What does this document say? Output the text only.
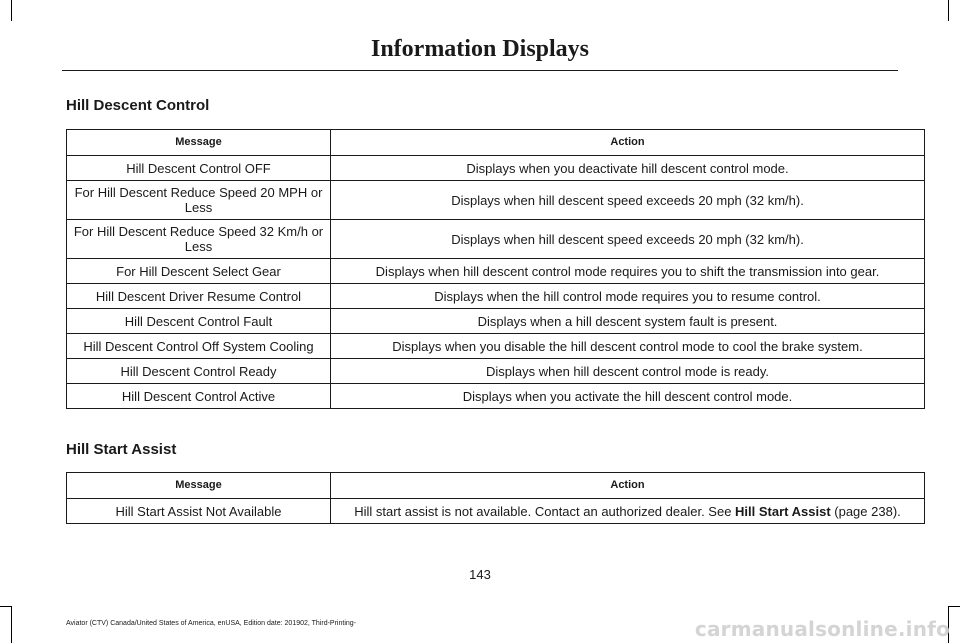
Information Displays
Hill Descent Control
Message	Action
Hill Descent Control OFF	Displays when you deactivate hill descent control mode.
For Hill Descent Reduce Speed 20 MPH or Less	Displays when hill descent speed exceeds 20 mph (32 km/h).
For Hill Descent Reduce Speed 32 Km/h or Less	Displays when hill descent speed exceeds 20 mph (32 km/h).
For Hill Descent Select Gear	Displays when hill descent control mode requires you to shift the transmission into gear.
Hill Descent Driver Resume Control	Displays when the hill control mode requires you to resume control.
Hill Descent Control Fault	Displays when a hill descent system fault is present.
Hill Descent Control Off System Cooling	Displays when you disable the hill descent control mode to cool the brake system.
Hill Descent Control Ready	Displays when hill descent control mode is ready.
Hill Descent Control Active	Displays when you activate the hill descent control mode.
Hill Start Assist
Message	Action
Hill Start Assist Not Available	Hill start assist is not available. Contact an authorized dealer. See Hill Start Assist (page 238).
143
Aviator (CTV) Canada/United States of America, enUSA, Edition date: 201902, Third-Printing-	carmanualsonline.info
